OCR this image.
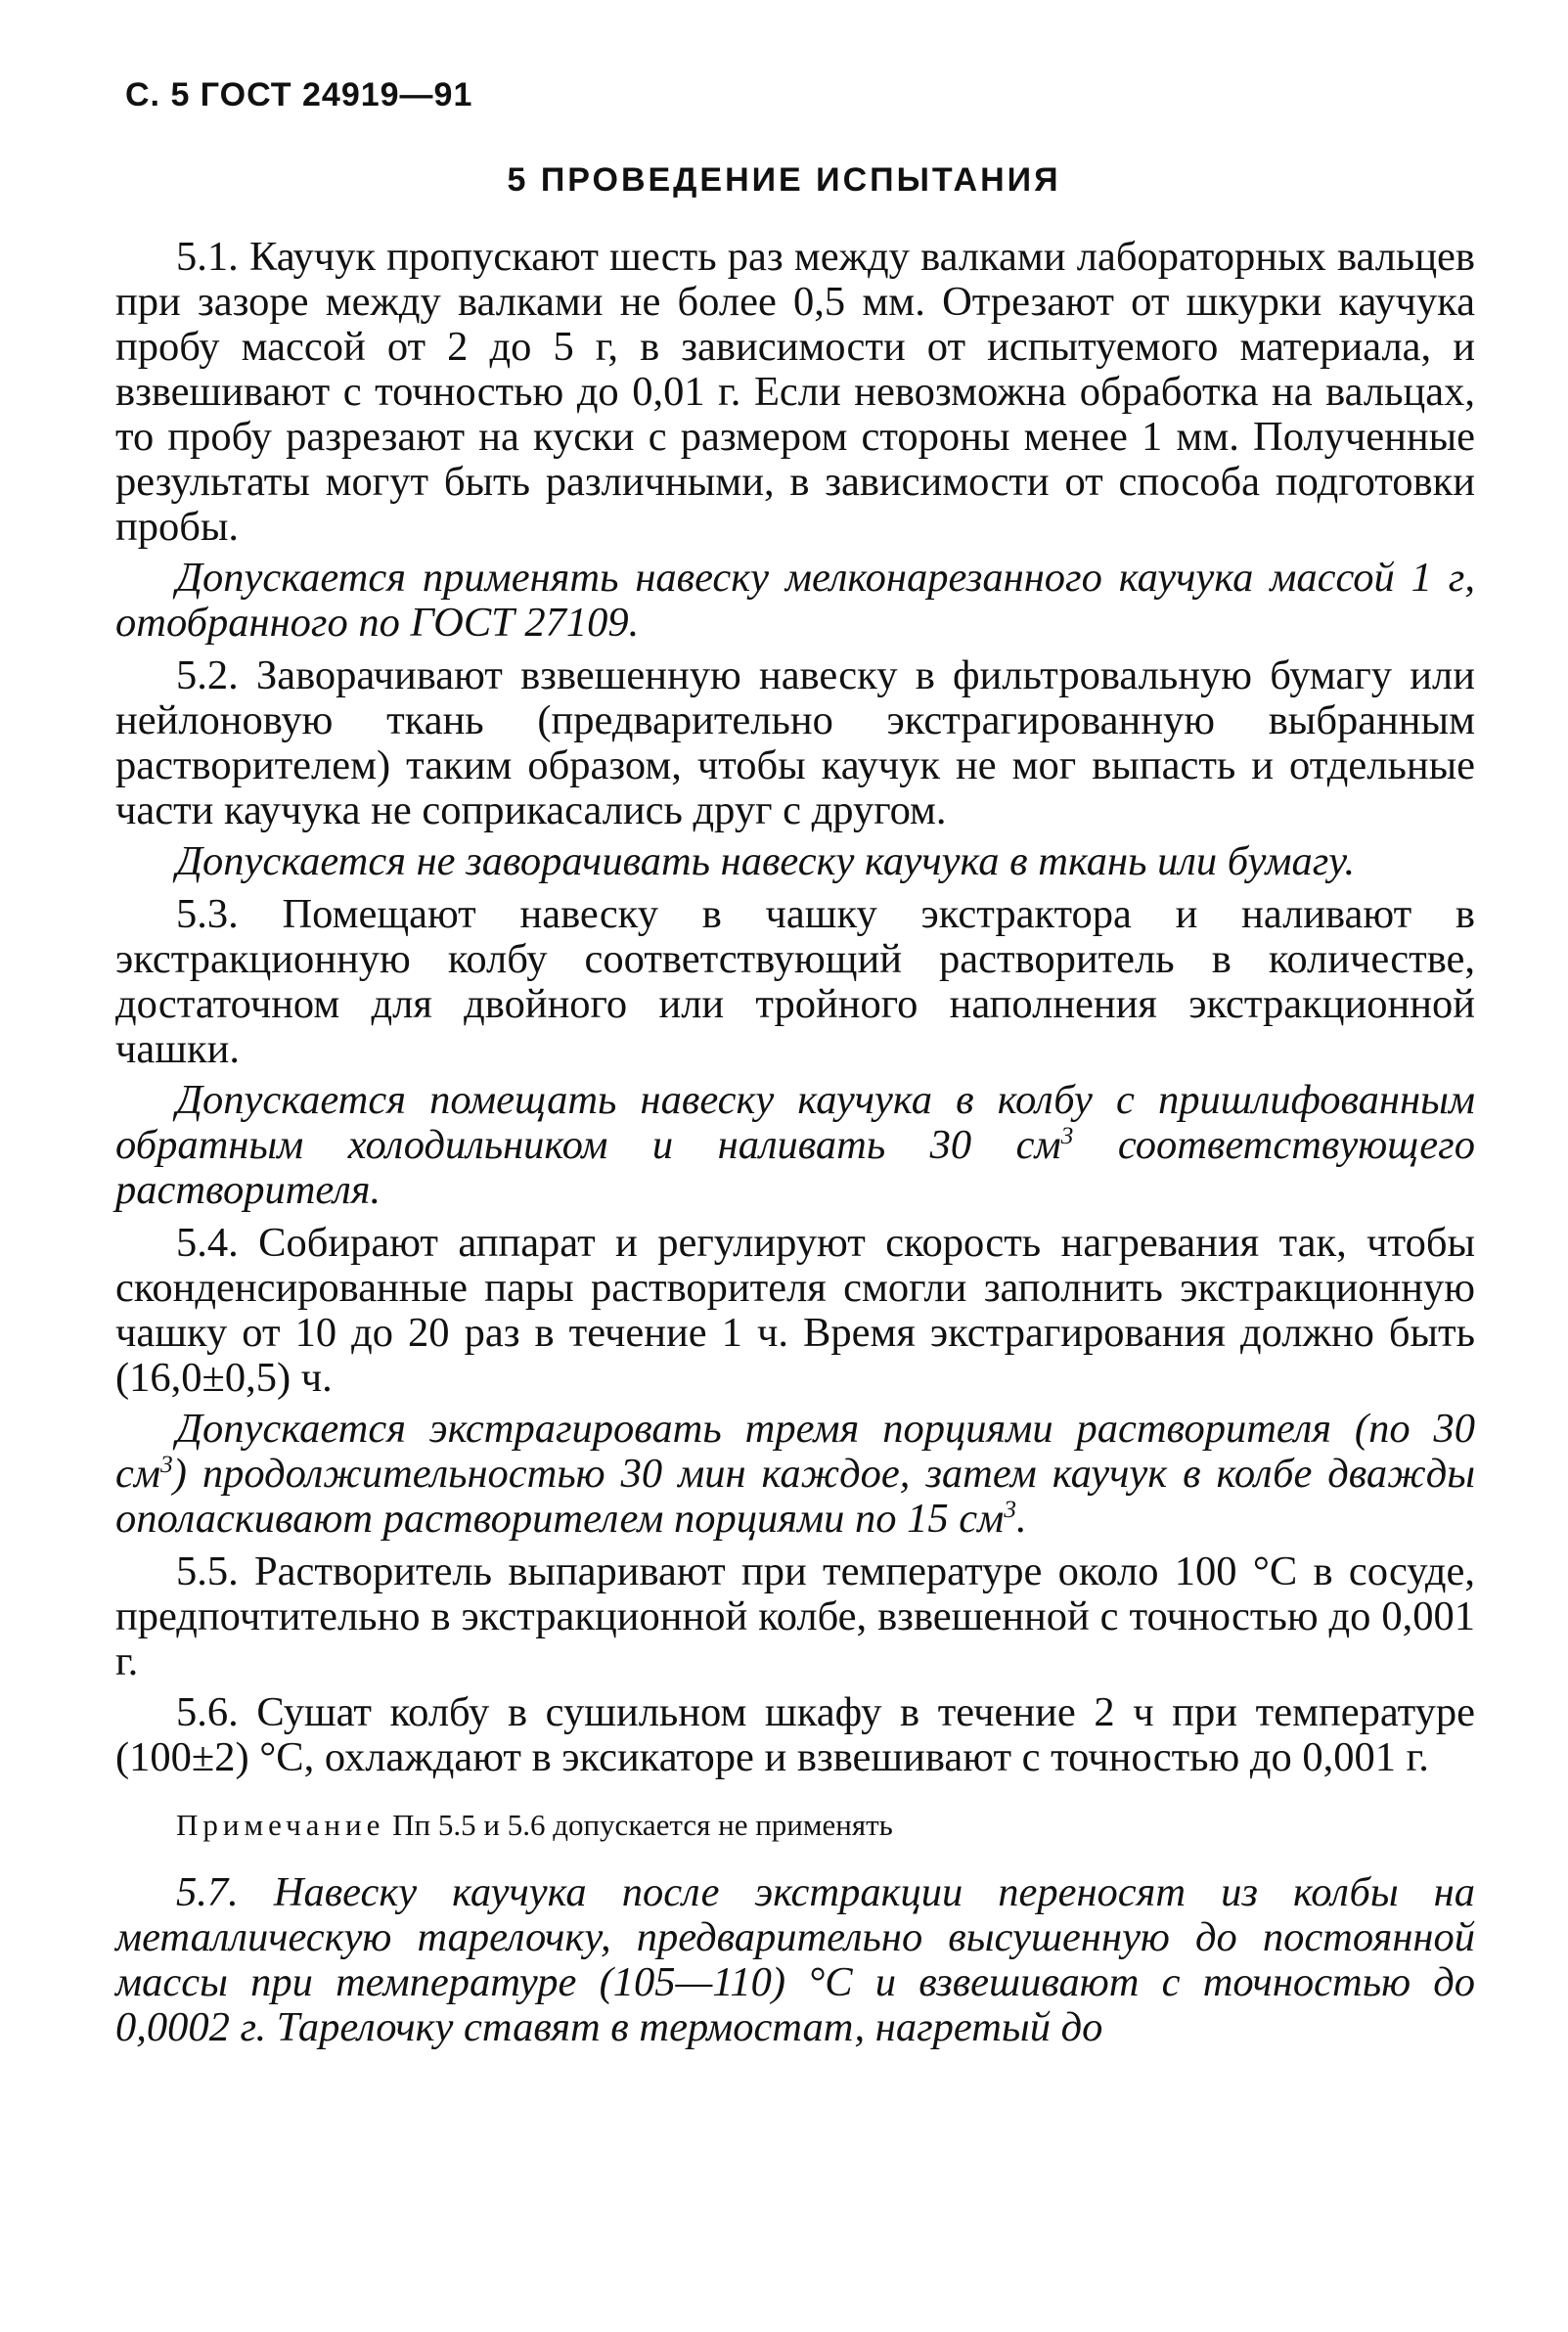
С. 5 ГОСТ 24919—91
5 ПРОВЕДЕНИЕ ИСПЫТАНИЯ

5.1. Каучук пропускают шесть раз между валками лабораторных вальцев при зазоре между валками не более 0,5 мм. Отрезают от шкурки каучука пробу массой от 2 до 5 г, в зависимости от испытуемого материала, и взвешивают с точностью до 0,01 г. Если невозможна обработка на вальцах, то пробу разрезают на куски с размером стороны менее 1 мм. Полученные результаты могут быть различными, в зависимости от способа подготовки пробы.

Допускается применять навеску мелконарезанного каучука массой 1 г, отобранного по ГОСТ 27109.

5.2. Заворачивают взвешенную навеску в фильтровальную бумагу или нейлоновую ткань (предварительно экстрагированную выбранным растворителем) таким образом, чтобы каучук не мог выпасть и отдельные части каучука не соприкасались друг с другом.

Допускается не заворачивать навеску каучука в ткань или бумагу.

5.3. Помещают навеску в чашку экстрактора и наливают в экстракционную колбу соответствующий растворитель в количестве, достаточном для двойного или тройного наполнения экстракционной чашки.

Допускается помещать навеску каучука в колбу с пришлифованным обратным холодильником и наливать 30 $см^3$ соответствующего растворителя.

5.4. Собирают аппарат и регулируют скорость нагревания так, чтобы сконденсированные пары растворителя смогли заполнить экстракционную чашку от 10 до 20 раз в течение 1 ч. Время экстрагирования должно быть (16,0±0,5) ч.

Допускается экстрагировать тремя порциями растворителя (по 30 $см^3$) продолжительностью 30 мин каждое, затем каучук в колбе дважды ополаскивают растворителем порциями по 15 $см^3$.

5.5. Растворитель выпаривают при температуре около 100 °С в сосуде, предпочтительно в экстракционной колбе, взвешенной с точностью до 0,001 г.

5.6. Сушат колбу в сушильном шкафу в течение 2 ч при температуре (100±2) °С, охлаждают в эксикаторе и взвешивают с точностью до 0,001 г.

Примечание Пп 5.5 и 5.6 допускается не применять

5.7. Навеску каучука после экстракции переносят из колбы на металлическую тарелочку, предварительно высушенную до постоянной массы при температуре (105—110) °С и взвешивают с точностью до 0,0002 г. Тарелочку ставят в термостат, нагретый до
